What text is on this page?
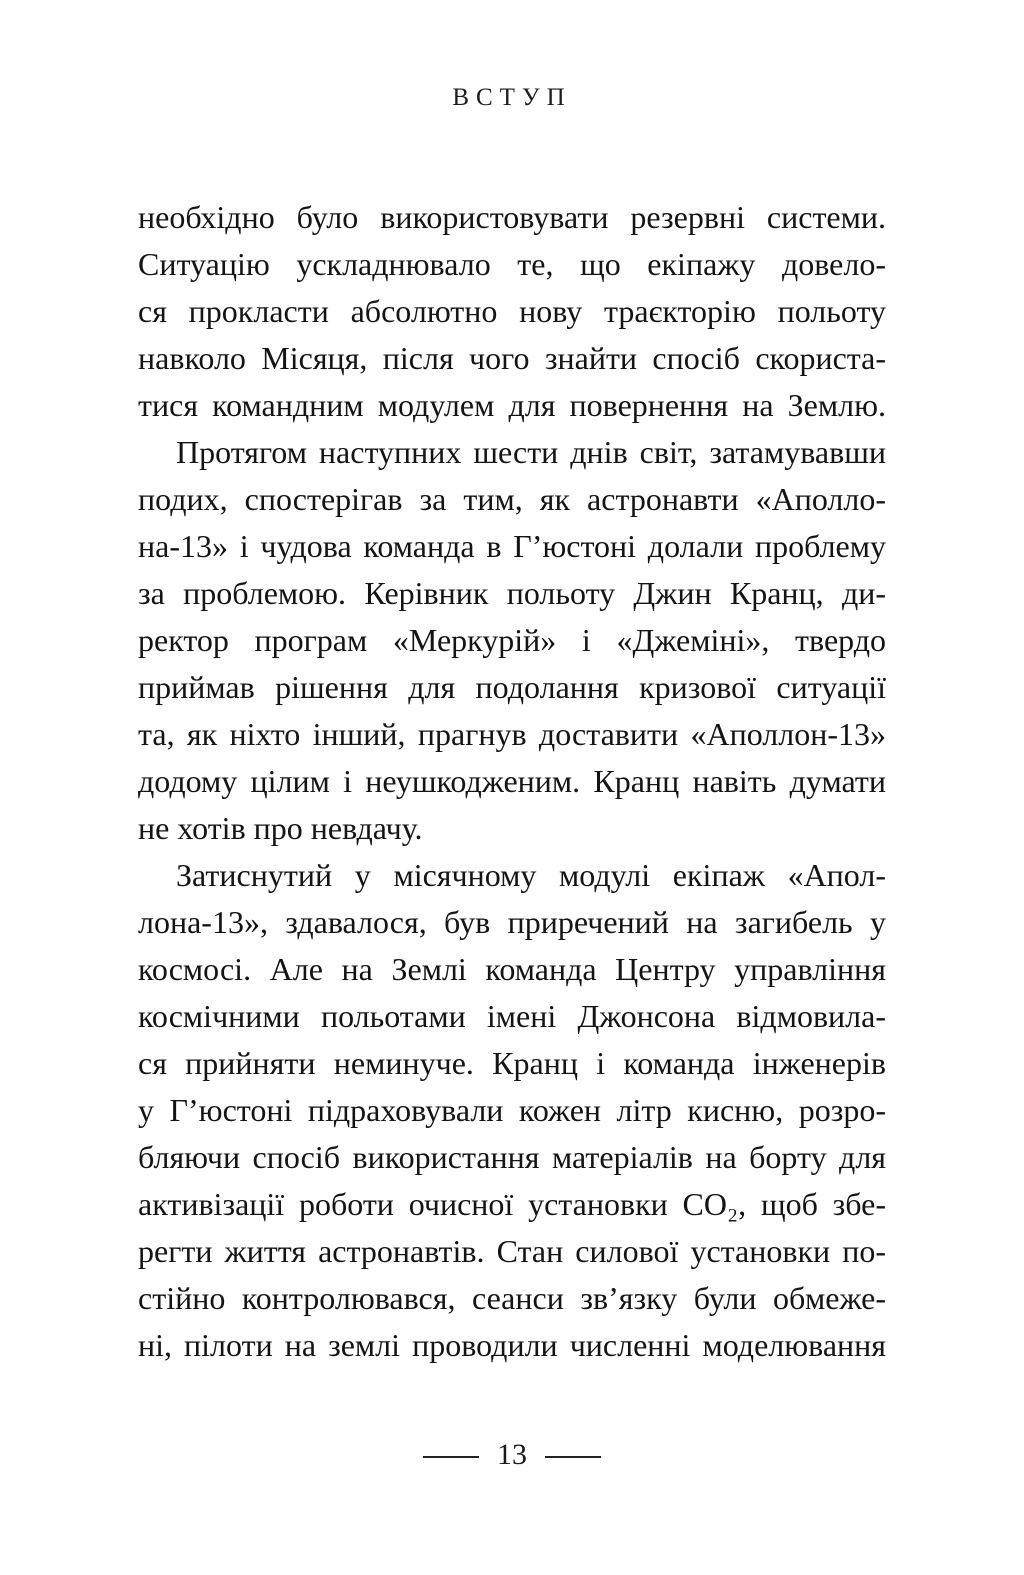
ВСТУП
необхідно було використовувати резервні системи.
Ситуацію ускладнювало те, що екіпажу довело-
ся прокласти абсолютно нову траєкторію польоту
навколо Місяця, після чого знайти спосіб скориста-
тися командним модулем для повернення на Землю.
Протягом наступних шести днів світ, затамувавши
подих, спостерігав за тим, як астронавти «Аполло-
на-13» і чудова команда в Г’юстоні долали проблему
за проблемою. Керівник польоту Джин Кранц, ди-
ректор програм «Меркурій» і «Джеміні», твердо
приймав рішення для подолання кризової ситуації
та, як ніхто інший, прагнув доставити «Аполлон-13»
додому цілим і неушкодженим. Кранц навіть думати
не хотів про невдачу.
Затиснутий у місячному модулі екіпаж «Апол-
лона-13», здавалося, був приречений на загибель у
космосі. Але на Землі команда Центру управління
космічними польотами імені Джонсона відмовила-
ся прийняти неминуче. Кранц і команда інженерів
у Г’юстоні підраховували кожен літр кисню, розро-
бляючи спосіб використання матеріалів на борту для
активізації роботи очисної установки CO₂, щоб збе-
регти життя астронавтів. Стан силової установки по-
стійно контролювався, сеанси зв’язку були обмеже-
ні, пілоти на землі проводили численні моделювання
13
